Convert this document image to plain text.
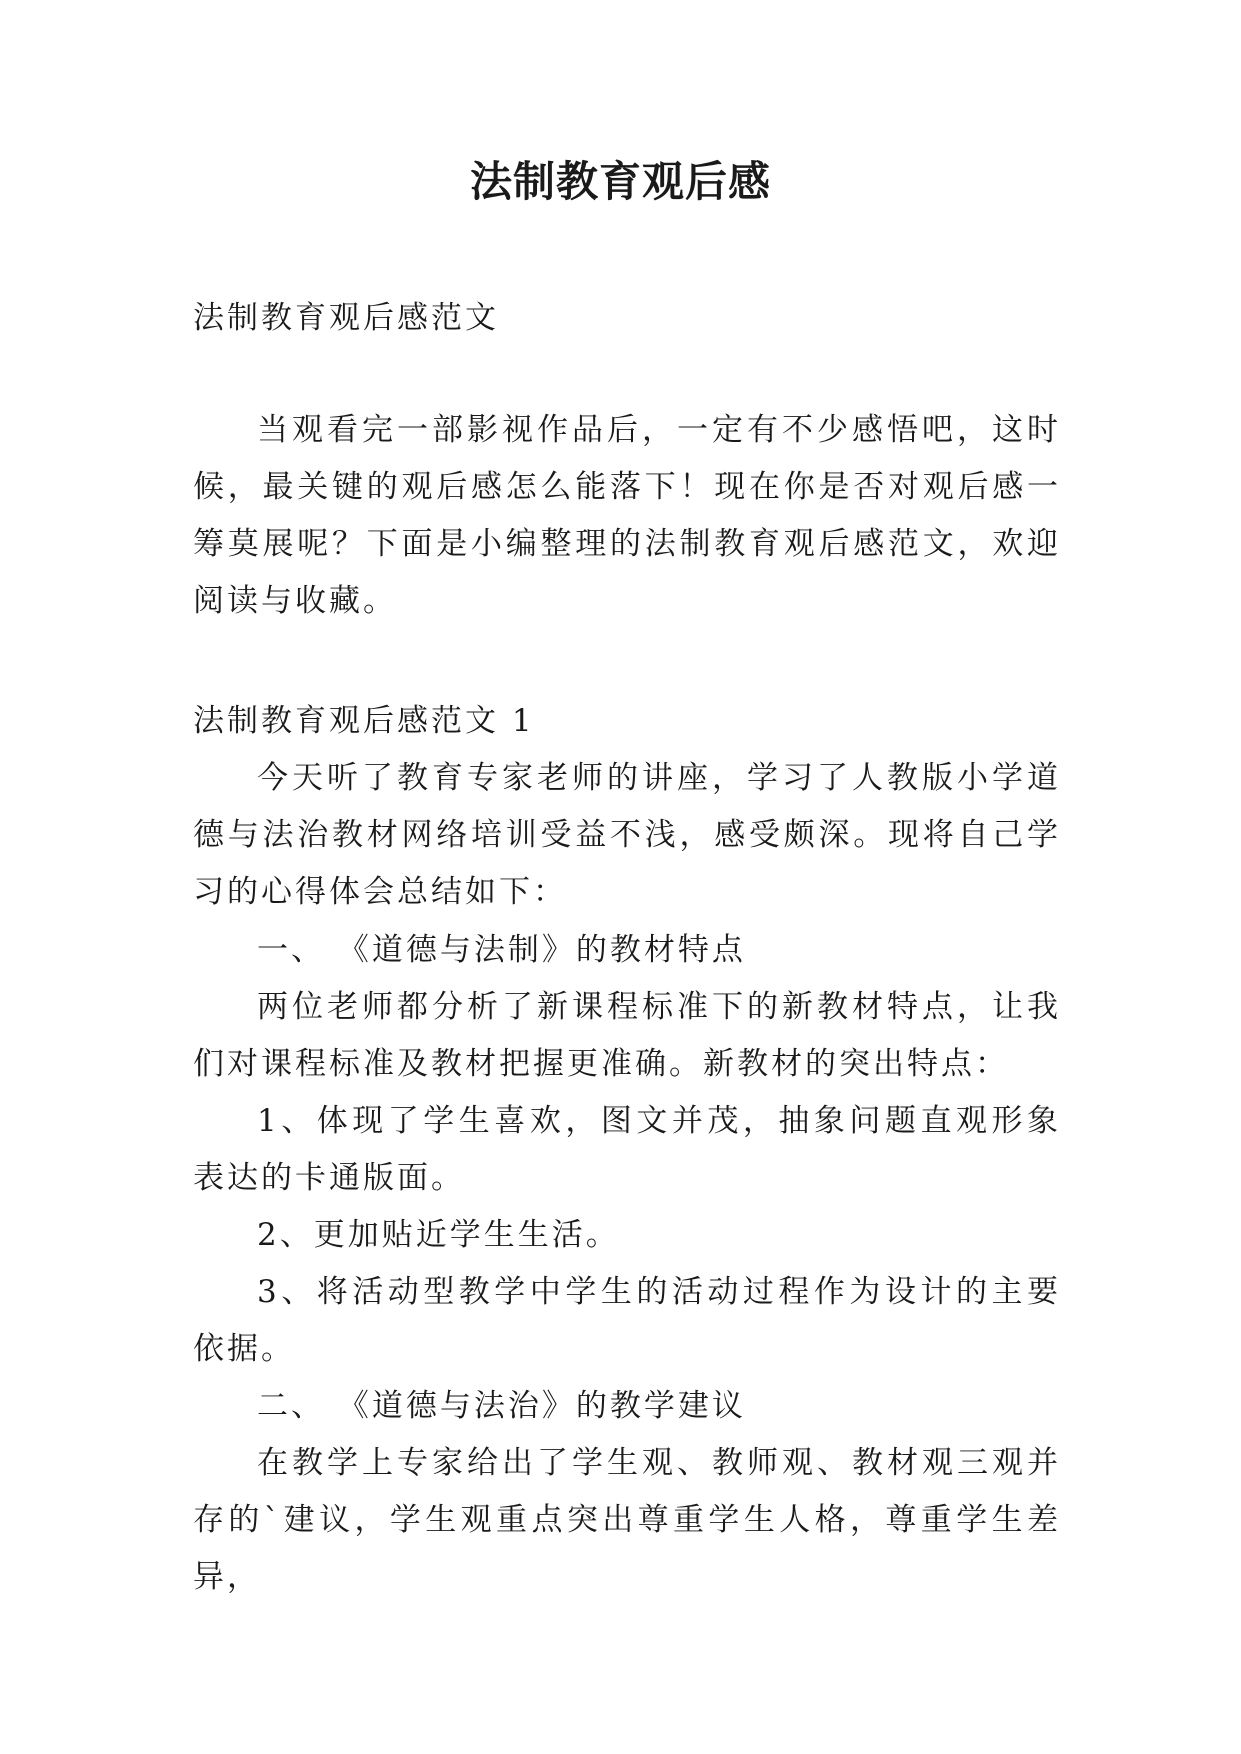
法制教育观后感

法制教育观后感范文

当观看完一部影视作品后，一定有不少感悟吧，这时候，最关键的观后感怎么能落下！现在你是否对观后感一筹莫展呢？下面是小编整理的法制教育观后感范文，欢迎阅读与收藏。

法制教育观后感范文 1

今天听了教育专家老师的讲座，学习了人教版小学道德与法治教材网络培训受益不浅，感受颇深。现将自己学习的心得体会总结如下：

一、 《道德与法制》的教材特点

两位老师都分析了新课程标准下的新教材特点，让我们对课程标准及教材把握更准确。新教材的突出特点：

1、体现了学生喜欢，图文并茂，抽象问题直观形象表达的卡通版面。

2、更加贴近学生生活。

3、将活动型教学中学生的活动过程作为设计的主要依据。

二、 《道德与法治》的教学建议

在教学上专家给出了学生观、教师观、教材观三观并存的`建议，学生观重点突出尊重学生人格，尊重学生差异，
